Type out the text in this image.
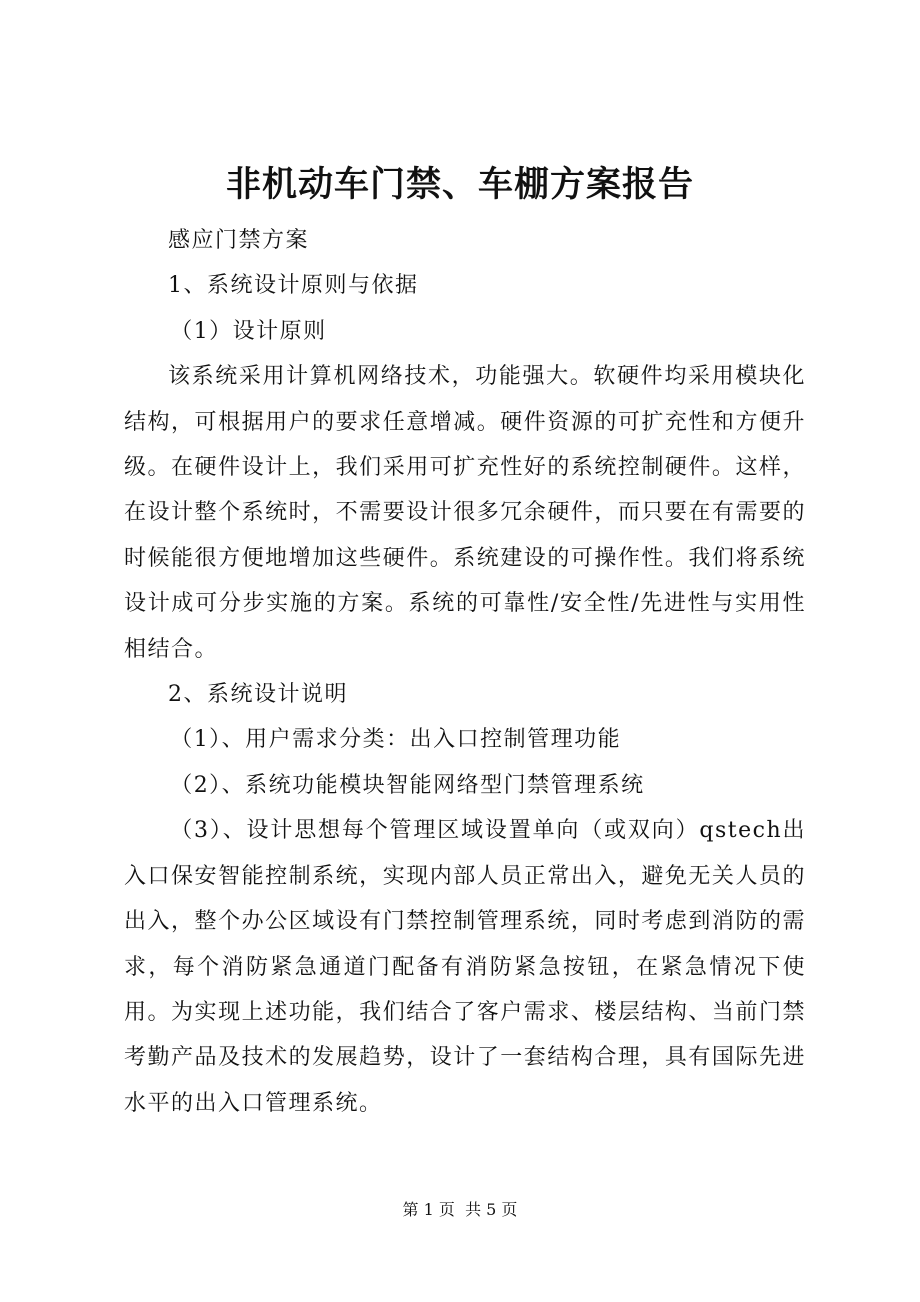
非机动车门禁、车棚方案报告

感应门禁方案

1、系统设计原则与依据

（1）设计原则

该系统采用计算机网络技术，功能强大。软硬件均采用模块化结构，可根据用户的要求任意增减。硬件资源的可扩充性和方便升级。在硬件设计上，我们采用可扩充性好的系统控制硬件。这样，在设计整个系统时，不需要设计很多冗余硬件，而只要在有需要的时候能很方便地增加这些硬件。系统建设的可操作性。我们将系统设计成可分步实施的方案。系统的可靠性/安全性/先进性与实用性相结合。

2、系统设计说明

（1）、用户需求分类：出入口控制管理功能

（2）、系统功能模块智能网络型门禁管理系统

（3）、设计思想每个管理区域设置单向（或双向）qstech出入口保安智能控制系统，实现内部人员正常出入，避免无关人员的出入，整个办公区域设有门禁控制管理系统，同时考虑到消防的需求，每个消防紧急通道门配备有消防紧急按钮，在紧急情况下使用。为实现上述功能，我们结合了客户需求、楼层结构、当前门禁考勤产品及技术的发展趋势，设计了一套结构合理，具有国际先进水平的出入口管理系统。

第 1 页  共 5 页
